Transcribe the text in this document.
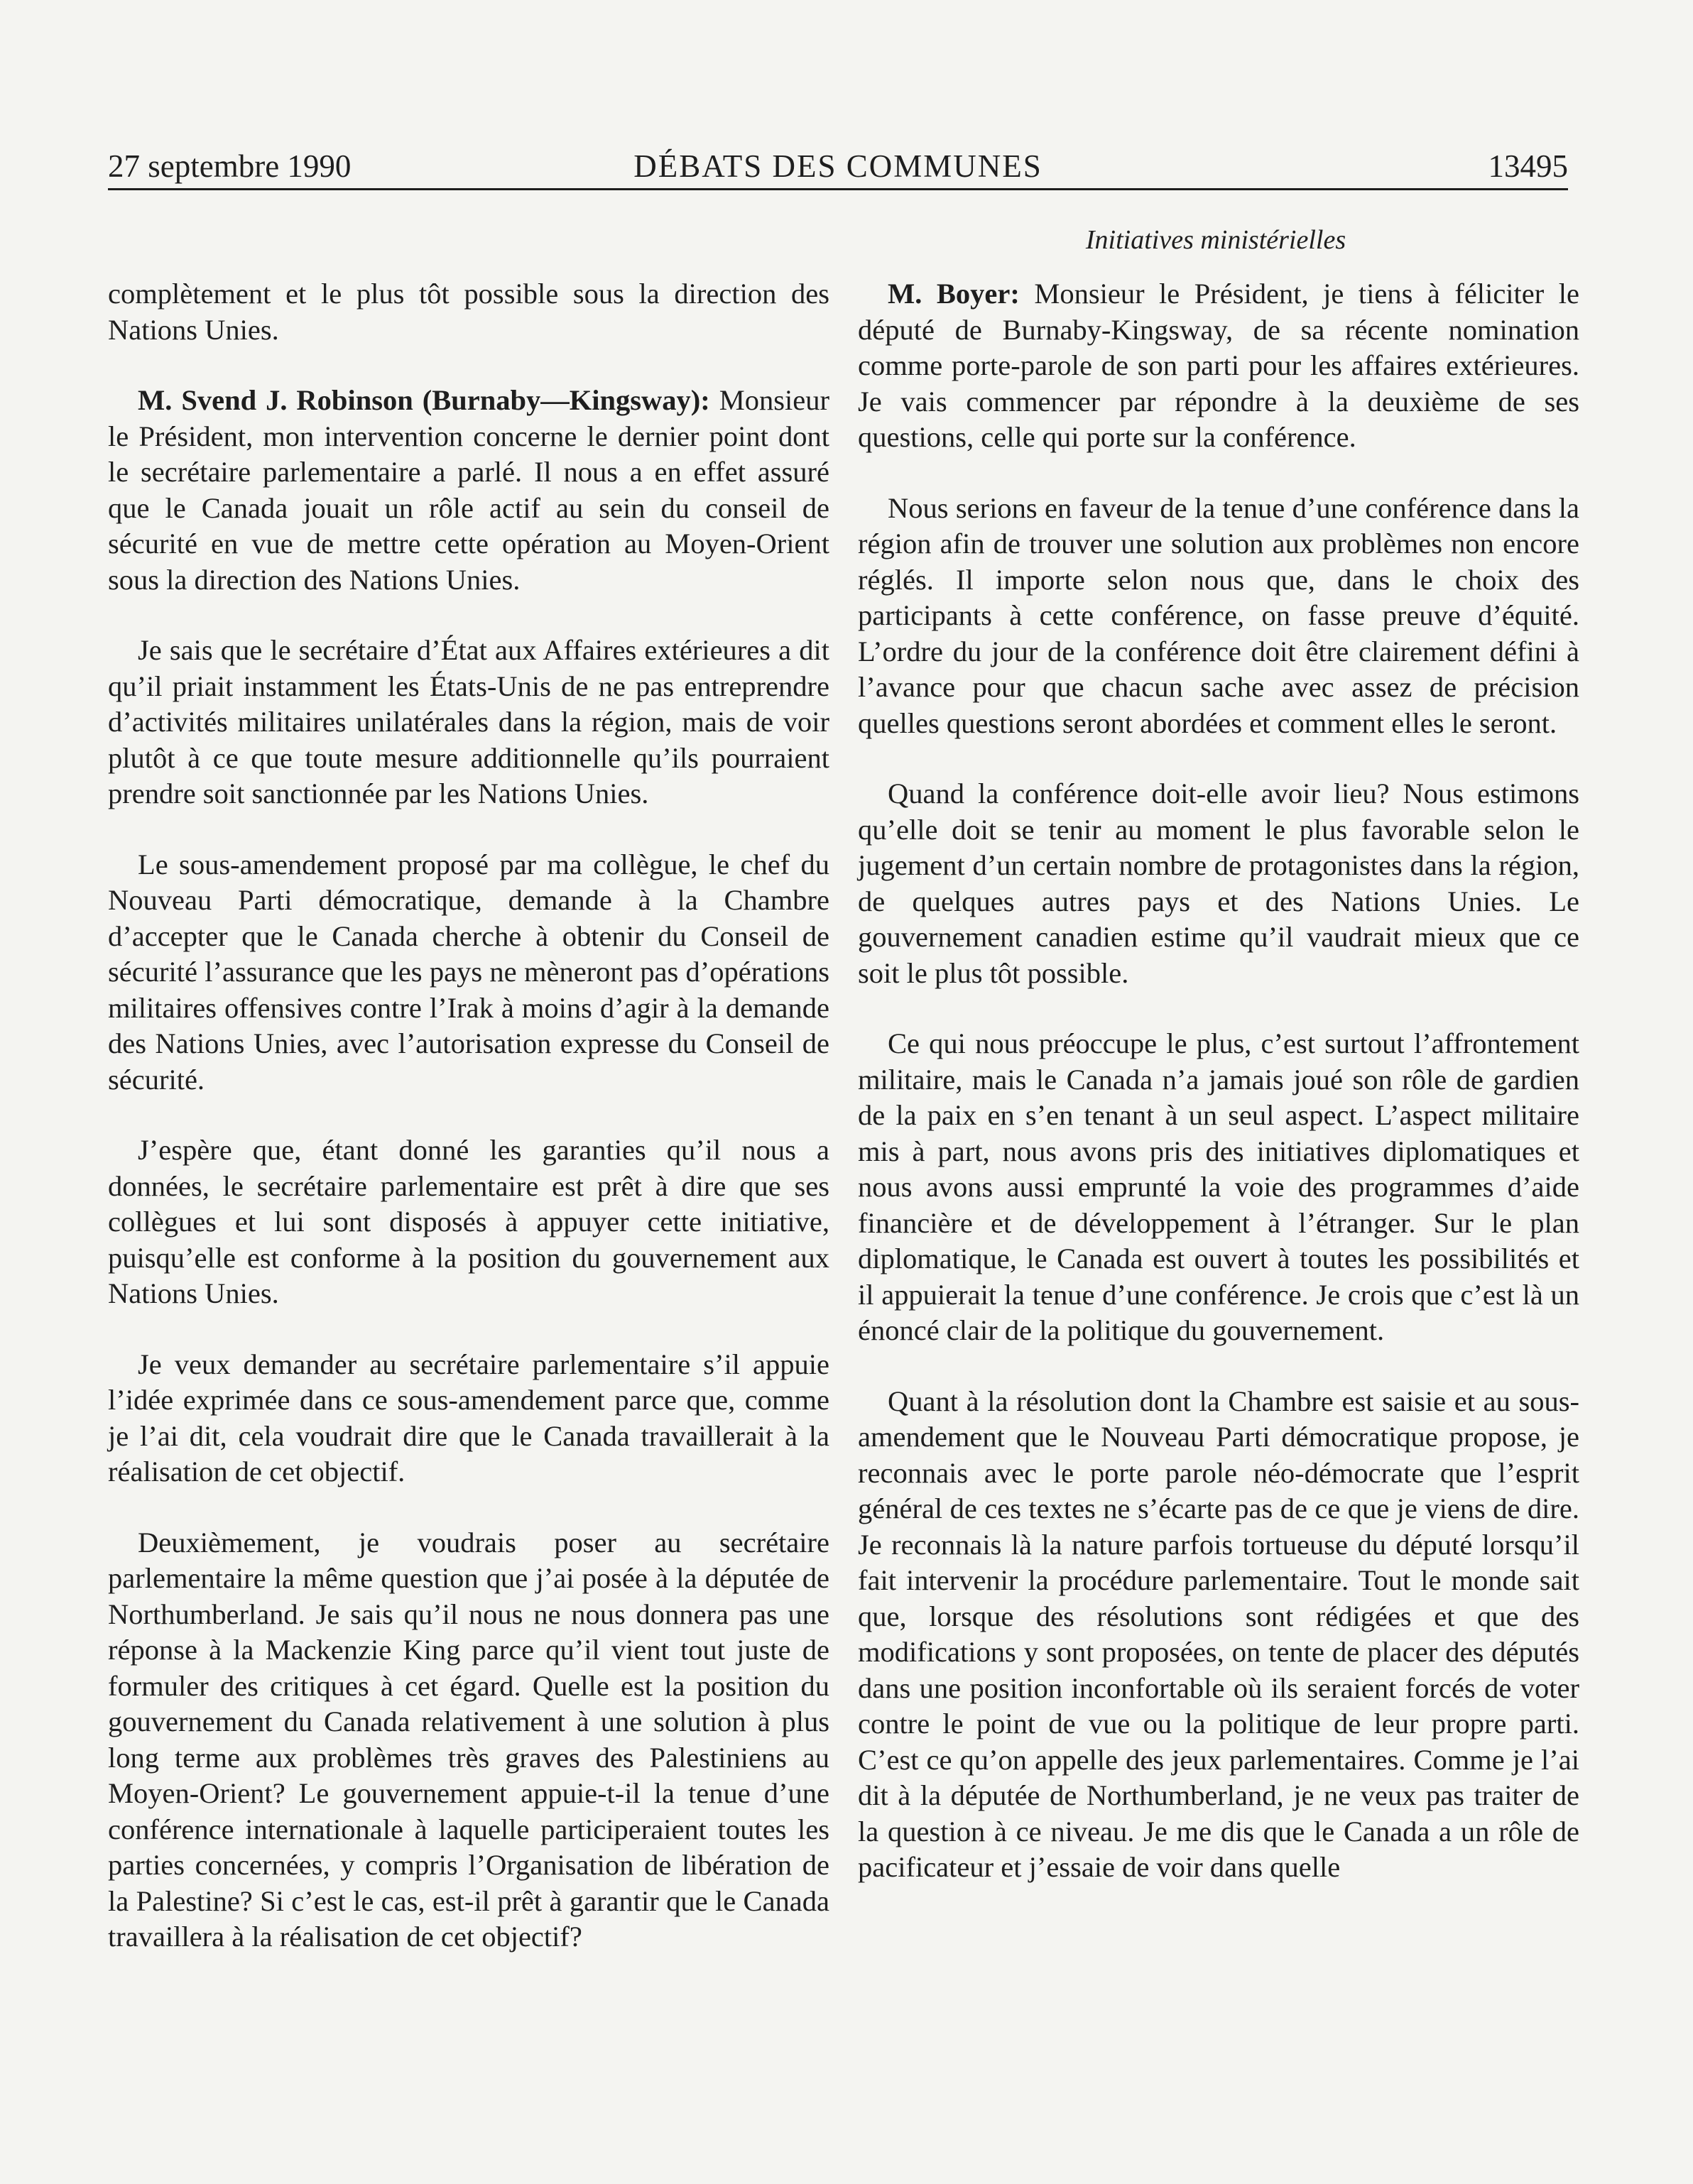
27 septembre 1990	DÉBATS DES COMMUNES	13495
Initiatives ministérielles

complètement et le plus tôt possible sous la direction des Nations Unies.

M. Svend J. Robinson (Burnaby—Kingsway): Monsieur le Président, mon intervention concerne le dernier point dont le secrétaire parlementaire a parlé. Il nous a en effet assuré que le Canada jouait un rôle actif au sein du conseil de sécurité en vue de mettre cette opération au Moyen-Orient sous la direction des Nations Unies.

Je sais que le secrétaire d’État aux Affaires extérieures a dit qu’il priait instamment les États-Unis de ne pas entreprendre d’activités militaires unilatérales dans la région, mais de voir plutôt à ce que toute mesure additionnelle qu’ils pourraient prendre soit sanctionnée par les Nations Unies.

Le sous-amendement proposé par ma collègue, le chef du Nouveau Parti démocratique, demande à la Chambre d’accepter que le Canada cherche à obtenir du Conseil de sécurité l’assurance que les pays ne mèneront pas d’opérations militaires offensives contre l’Irak à moins d’agir à la demande des Nations Unies, avec l’autorisation expresse du Conseil de sécurité.

J’espère que, étant donné les garanties qu’il nous a données, le secrétaire parlementaire est prêt à dire que ses collègues et lui sont disposés à appuyer cette initiative, puisqu’elle est conforme à la position du gouvernement aux Nations Unies.

Je veux demander au secrétaire parlementaire s’il appuie l’idée exprimée dans ce sous-amendement parce que, comme je l’ai dit, cela voudrait dire que le Canada travaillerait à la réalisation de cet objectif.

Deuxièmement, je voudrais poser au secrétaire parlementaire la même question que j’ai posée à la députée de Northumberland. Je sais qu’il nous ne nous donnera pas une réponse à la Mackenzie King parce qu’il vient tout juste de formuler des critiques à cet égard. Quelle est la position du gouvernement du Canada relativement à une solution à plus long terme aux problèmes très graves des Palestiniens au Moyen-Orient? Le gouvernement appuie-t-il la tenue d’une conférence internationale à laquelle participeraient toutes les parties concernées, y compris l’Organisation de libération de la Palestine? Si c’est le cas, est-il prêt à garantir que le Canada travaillera à la réalisation de cet objectif?

M. Boyer: Monsieur le Président, je tiens à féliciter le député de Burnaby-Kingsway, de sa récente nomination comme porte-parole de son parti pour les affaires extérieures. Je vais commencer par répondre à la deuxième de ses questions, celle qui porte sur la conférence.

Nous serions en faveur de la tenue d’une conférence dans la région afin de trouver une solution aux problèmes non encore réglés. Il importe selon nous que, dans le choix des participants à cette conférence, on fasse preuve d’équité. L’ordre du jour de la conférence doit être clairement défini à l’avance pour que chacun sache avec assez de précision quelles questions seront abordées et comment elles le seront.

Quand la conférence doit-elle avoir lieu? Nous estimons qu’elle doit se tenir au moment le plus favorable selon le jugement d’un certain nombre de protagonistes dans la région, de quelques autres pays et des Nations Unies. Le gouvernement canadien estime qu’il vaudrait mieux que ce soit le plus tôt possible.

Ce qui nous préoccupe le plus, c’est surtout l’affrontement militaire, mais le Canada n’a jamais joué son rôle de gardien de la paix en s’en tenant à un seul aspect. L’aspect militaire mis à part, nous avons pris des initiatives diplomatiques et nous avons aussi emprunté la voie des programmes d’aide financière et de développement à l’étranger. Sur le plan diplomatique, le Canada est ouvert à toutes les possibilités et il appuierait la tenue d’une conférence. Je crois que c’est là un énoncé clair de la politique du gouvernement.

Quant à la résolution dont la Chambre est saisie et au sous-amendement que le Nouveau Parti démocratique propose, je reconnais avec le porte parole néo-démocrate que l’esprit général de ces textes ne s’écarte pas de ce que je viens de dire. Je reconnais là la nature parfois tortueuse du député lorsqu’il fait intervenir la procédure parlementaire. Tout le monde sait que, lorsque des résolutions sont rédigées et que des modifications y sont proposées, on tente de placer des députés dans une position inconfortable où ils seraient forcés de voter contre le point de vue ou la politique de leur propre parti. C’est ce qu’on appelle des jeux parlementaires. Comme je l’ai dit à la députée de Northumberland, je ne veux pas traiter de la question à ce niveau. Je me dis que le Canada a un rôle de pacificateur et j’essaie de voir dans quelle
